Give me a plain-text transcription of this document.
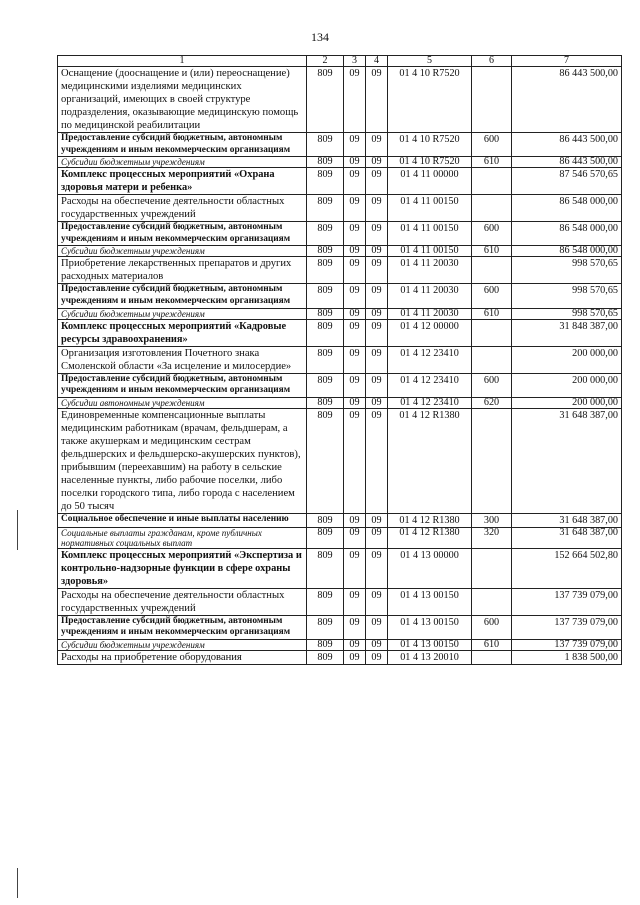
134
1	2	3	4	5	6	7
Оснащение (дооснащение и (или) переоснащение) медицинскими изделиями медицинских организаций, имеющих в своей структуре подразделения, оказывающие медицинскую помощь по медицинской реабилитации	809	09	09	01 4 10 R7520		86 443 500,00
Предоставление субсидий бюджетным, автономным учреждениям и иным некоммерческим организациям	809	09	09	01 4 10 R7520	600	86 443 500,00
Субсидии бюджетным учреждениям	809	09	09	01 4 10 R7520	610	86 443 500,00
Комплекс процессных мероприятий «Охрана здоровья матери и ребенка»	809	09	09	01 4 11 00000		87 546 570,65
Расходы на обеспечение деятельности областных государственных учреждений	809	09	09	01 4 11 00150		86 548 000,00
Предоставление субсидий бюджетным, автономным учреждениям и иным некоммерческим организациям	809	09	09	01 4 11 00150	600	86 548 000,00
Субсидии бюджетным учреждениям	809	09	09	01 4 11 00150	610	86 548 000,00
Приобретение лекарственных препаратов и других расходных материалов	809	09	09	01 4 11 20030		998 570,65
Предоставление субсидий бюджетным, автономным учреждениям и иным некоммерческим организациям	809	09	09	01 4 11 20030	600	998 570,65
Субсидии бюджетным учреждениям	809	09	09	01 4 11 20030	610	998 570,65
Комплекс процессных мероприятий «Кадровые ресурсы здравоохранения»	809	09	09	01 4 12 00000		31 848 387,00
Организация изготовления Почетного знака Смоленской области «За исцеление и милосердие»	809	09	09	01 4 12 23410		200 000,00
Предоставление субсидий бюджетным, автономным учреждениям и иным некоммерческим организациям	809	09	09	01 4 12 23410	600	200 000,00
Субсидии автономным учреждениям	809	09	09	01 4 12 23410	620	200 000,00
Единовременные компенсационные выплаты медицинским работникам (врачам, фельдшерам, а также акушеркам и медицинским сестрам фельдшерских и фельдшерско-акушерских пунктов), прибывшим (переехавшим) на работу в сельские населенные пункты, либо рабочие поселки, либо поселки городского типа, либо города с населением до 50 тысяч	809	09	09	01 4 12 R1380		31 648 387,00
Социальное обеспечение и иные выплаты населению	809	09	09	01 4 12 R1380	300	31 648 387,00
Социальные выплаты гражданам, кроме публичных нормативных социальных выплат	809	09	09	01 4 12 R1380	320	31 648 387,00
Комплекс процессных мероприятий «Экспертиза и контрольно-надзорные функции в сфере охраны здоровья»	809	09	09	01 4 13 00000		152 664 502,80
Расходы на обеспечение деятельности областных государственных учреждений	809	09	09	01 4 13 00150		137 739 079,00
Предоставление субсидий бюджетным, автономным учреждениям и иным некоммерческим организациям	809	09	09	01 4 13 00150	600	137 739 079,00
Субсидии бюджетным учреждениям	809	09	09	01 4 13 00150	610	137 739 079,00
Расходы на приобретение оборудования	809	09	09	01 4 13 20010		1 838 500,00
